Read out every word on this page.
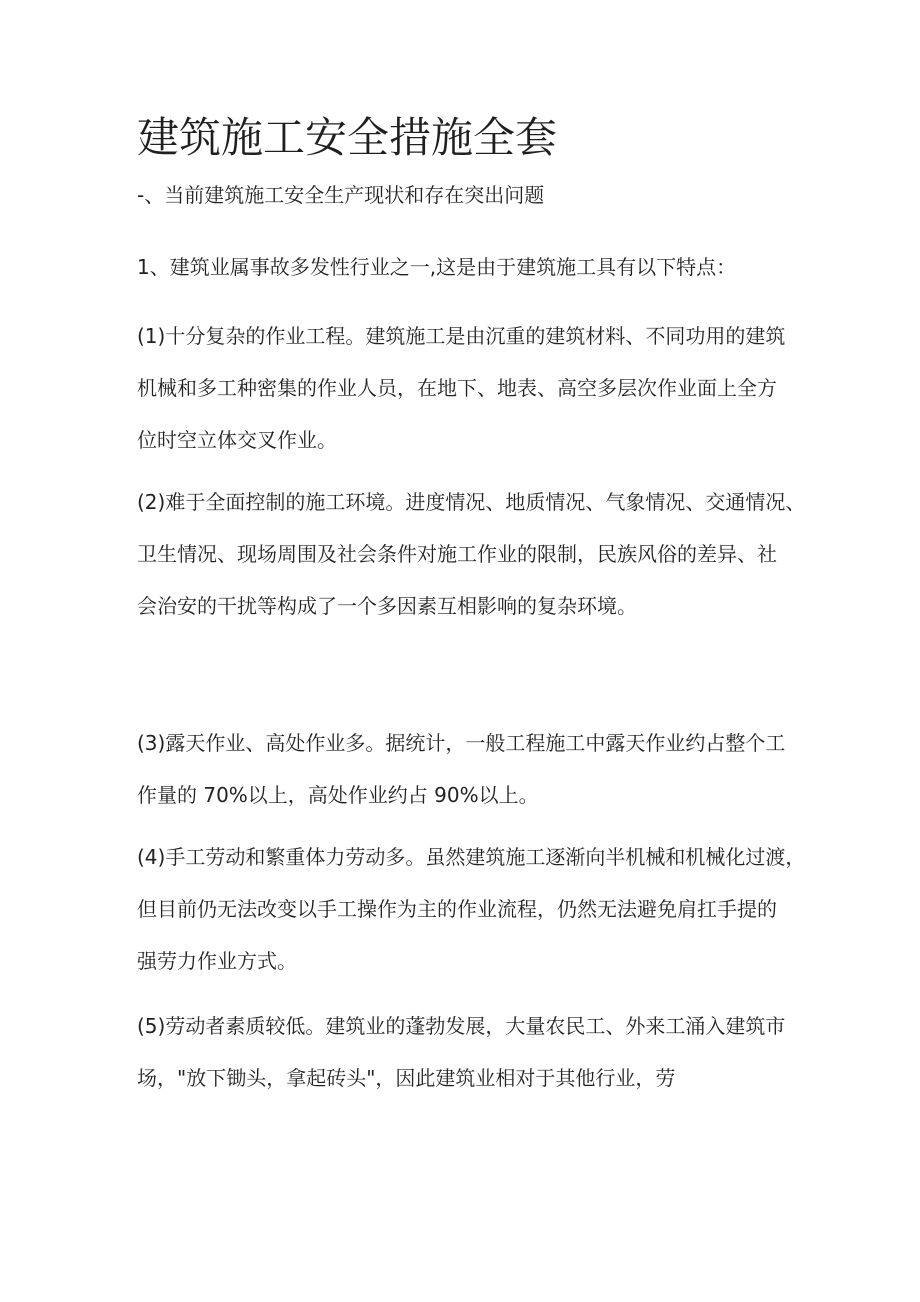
建筑施工安全措施全套

-、当前建筑施工安全生产现状和存在突出问题

1、建筑业属事故多发性行业之一,这是由于建筑施工具有以下特点：

(1)十分复杂的作业工程。建筑施工是由沉重的建筑材料、不同功用的建筑
机械和多工种密集的作业人员，在地下、地表、高空多层次作业面上全方
位时空立体交叉作业。

(2)难于全面控制的施工环境。进度情况、地质情况、气象情况、交通情况、
卫生情况、现场周围及社会条件对施工作业的限制，民族风俗的差异、社
会治安的干扰等构成了一个多因素互相影响的复杂环境。

(3)露天作业、高处作业多。据统计，一般工程施工中露天作业约占整个工
作量的 70%以上，高处作业约占 90%以上。

(4)手工劳动和繁重体力劳动多。虽然建筑施工逐渐向半机械和机械化过渡，
但目前仍无法改变以手工操作为主的作业流程，仍然无法避免肩扛手提的
强劳力作业方式。

(5)劳动者素质较低。建筑业的蓬勃发展，大量农民工、外来工涌入建筑市
场，"放下锄头，拿起砖头"，因此建筑业相对于其他行业，劳
